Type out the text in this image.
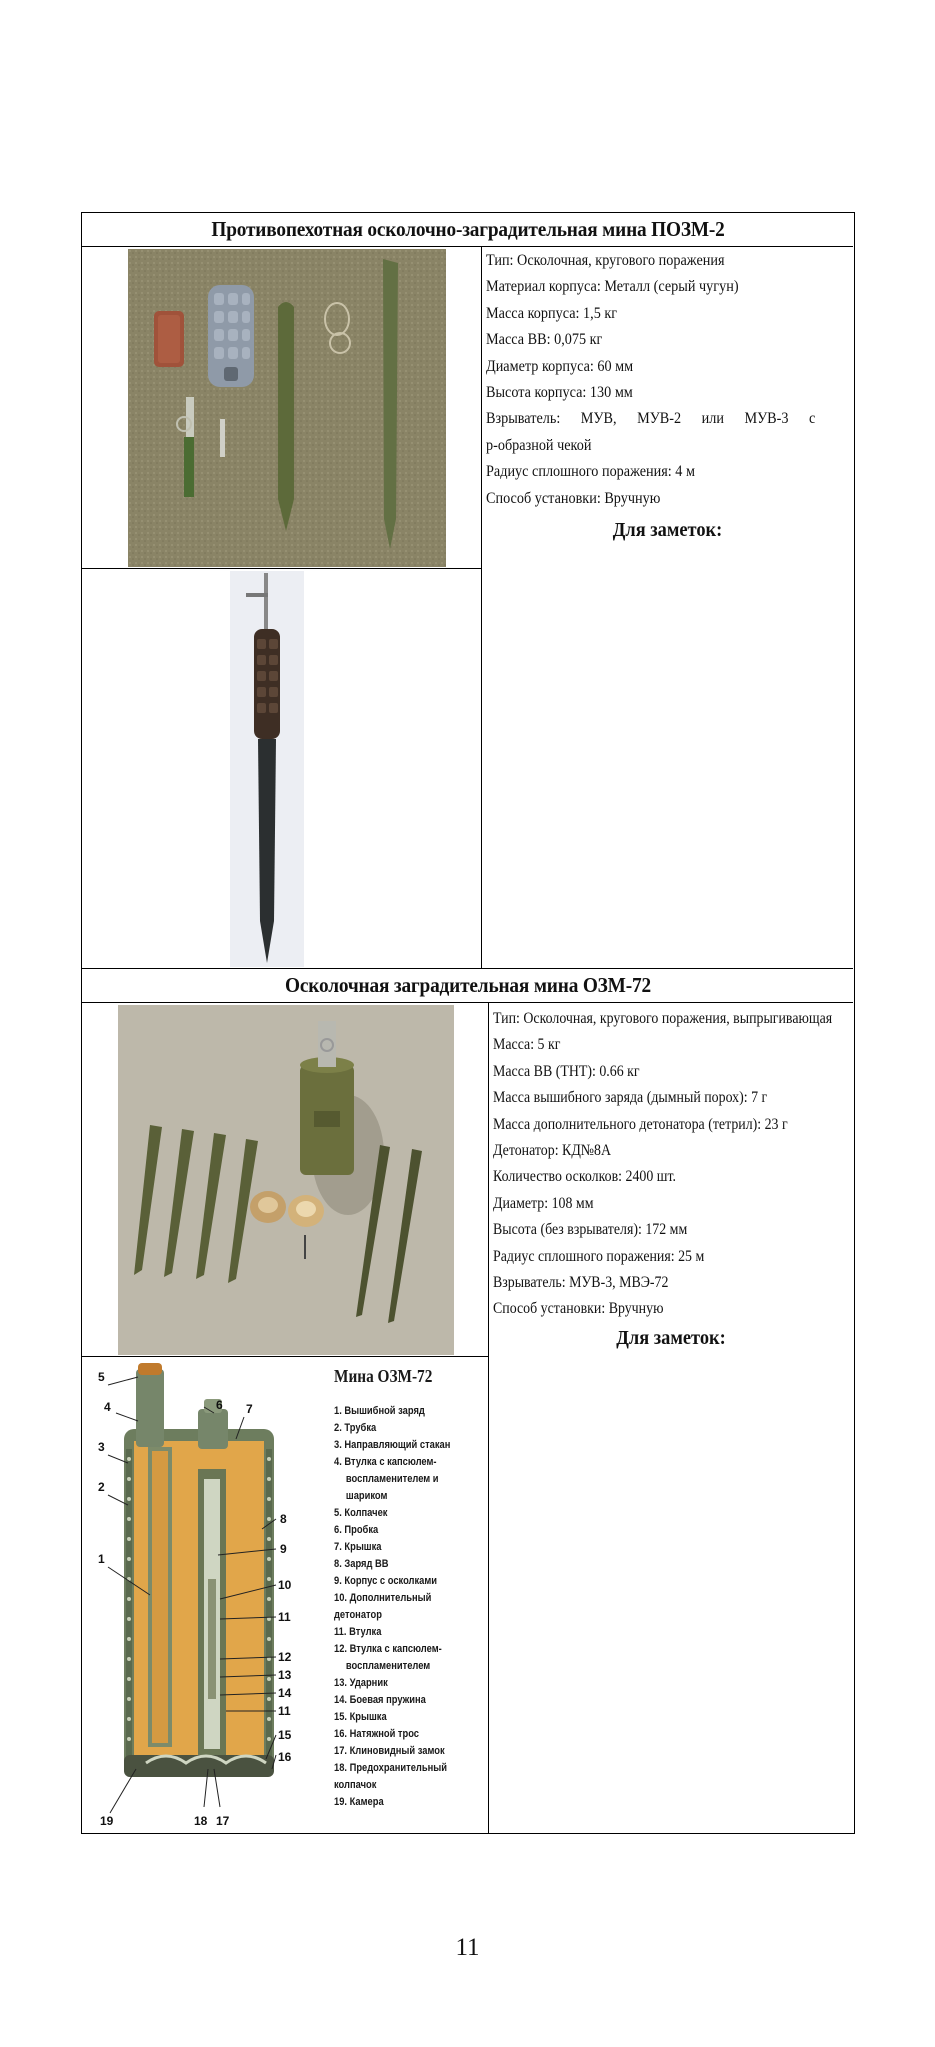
Противопехотная осколочно-заградительная мина ПОЗМ-2
Осколочная заградительная мина ОЗМ-72
Тип: Осколочная, кругового поражения
Материал корпуса: Металл (серый чугун)
Масса корпуса: 1,5 кг
Масса ВВ: 0,075 кг
Диаметр корпуса: 60 мм
Высота корпуса: 130 мм
Взрыватель: МУВ, МУВ-2 или МУВ-3 с
р-образной чекой
Радиус сплошного поражения: 4 м
Способ установки: Вручную
Для заметок:
Тип: Осколочная, кругового поражения, выпрыгивающая
Масса: 5 кг
Масса ВВ (ТНТ): 0.66 кг
Масса вышибного заряда (дымный порох): 7 г
Масса дополнительного детонатора (тетрил): 23 г
Детонатор: КД№8А
Количество осколков: 2400 шт.
Диаметр: 108 мм
Высота (без взрывателя): 172 мм
Радиус сплошного поражения: 25 м
Взрыватель: МУВ-3, МВЭ-72
Способ установки: Вручную
Для заметок:
5
4
3
2
1
19
6 7
8
9
10
11
12
13
14
11
15
16
18 17
Мина ОЗМ-72
1. Вышибной заряд
2. Трубка
3. Направляющий стакан
4. Втулка с капсюлем-
воспламенителем и шариком
5. Колпачек
6. Пробка
7. Крышка
8. Заряд ВВ
9. Корпус с осколками
10. Дополнительный детонатор
11. Втулка
12. Втулка с капсюлем-
воспламенителем
13. Ударник
14. Боевая пружина
15. Крышка
16. Натяжной трос
17. Клиновидный замок
18. Предохранительный колпачок
19. Камера
11
